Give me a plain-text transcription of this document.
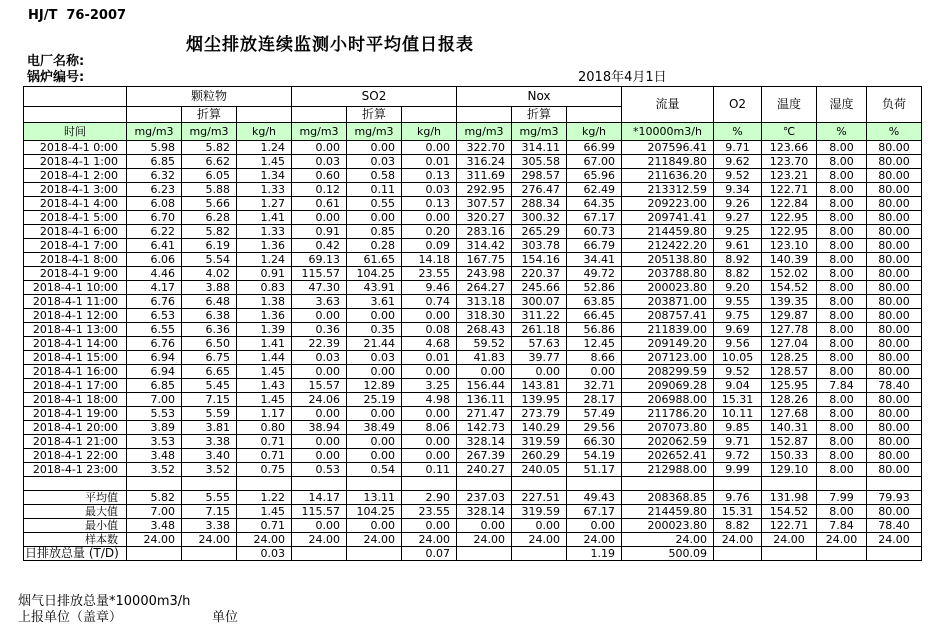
HJ/T  76-2007
烟尘排放连续监测小时平均值日报表
电厂名称:
锅炉编号:	2018年4月1日
	颗粒物			SO2			Nox			流量	O2	温度	湿度	负荷
		折算			折算			折算						
时间	mg/m3	mg/m3	kg/h	mg/m3	mg/m3	kg/h	mg/m3	mg/m3	kg/h	*10000m3/h	%	℃	%	%
2018-4-1 0:00	5.98	5.82	1.24	0.00	0.00	0.00	322.70	314.11	66.99	207596.41	9.71	123.66	8.00	80.00
2018-4-1 1:00	6.85	6.62	1.45	0.03	0.03	0.01	316.24	305.58	67.00	211849.80	9.62	123.70	8.00	80.00
2018-4-1 2:00	6.32	6.05	1.34	0.60	0.58	0.13	311.69	298.57	65.96	211636.20	9.52	123.21	8.00	80.00
2018-4-1 3:00	6.23	5.88	1.33	0.12	0.11	0.03	292.95	276.47	62.49	213312.59	9.34	122.71	8.00	80.00
2018-4-1 4:00	6.08	5.66	1.27	0.61	0.55	0.13	307.57	288.34	64.35	209223.00	9.26	122.84	8.00	80.00
2018-4-1 5:00	6.70	6.28	1.41	0.00	0.00	0.00	320.27	300.32	67.17	209741.41	9.27	122.95	8.00	80.00
2018-4-1 6:00	6.22	5.82	1.33	0.91	0.85	0.20	283.16	265.29	60.73	214459.80	9.25	122.95	8.00	80.00
2018-4-1 7:00	6.41	6.19	1.36	0.42	0.28	0.09	314.42	303.78	66.79	212422.20	9.61	123.10	8.00	80.00
2018-4-1 8:00	6.06	5.54	1.24	69.13	61.65	14.18	167.75	154.16	34.41	205138.80	8.92	140.39	8.00	80.00
2018-4-1 9:00	4.46	4.02	0.91	115.57	104.25	23.55	243.98	220.37	49.72	203788.80	8.82	152.02	8.00	80.00
2018-4-1 10:00	4.17	3.88	0.83	47.30	43.91	9.46	264.27	245.66	52.86	200023.80	9.20	154.52	8.00	80.00
2018-4-1 11:00	6.76	6.48	1.38	3.63	3.61	0.74	313.18	300.07	63.85	203871.00	9.55	139.35	8.00	80.00
2018-4-1 12:00	6.53	6.38	1.36	0.00	0.00	0.00	318.30	311.22	66.45	208757.41	9.75	129.87	8.00	80.00
2018-4-1 13:00	6.55	6.36	1.39	0.36	0.35	0.08	268.43	261.18	56.86	211839.00	9.69	127.78	8.00	80.00
2018-4-1 14:00	6.76	6.50	1.41	22.39	21.44	4.68	59.52	57.63	12.45	209149.20	9.56	127.04	8.00	80.00
2018-4-1 15:00	6.94	6.75	1.44	0.03	0.03	0.01	41.83	39.77	8.66	207123.00	10.05	128.25	8.00	80.00
2018-4-1 16:00	6.94	6.65	1.45	0.00	0.00	0.00	0.00	0.00	0.00	208299.59	9.52	128.57	8.00	80.00
2018-4-1 17:00	6.85	5.45	1.43	15.57	12.89	3.25	156.44	143.81	32.71	209069.28	9.04	125.95	7.84	78.40
2018-4-1 18:00	7.00	7.15	1.45	24.06	25.19	4.98	136.11	139.95	28.17	206988.00	15.31	128.26	8.00	80.00
2018-4-1 19:00	5.53	5.59	1.17	0.00	0.00	0.00	271.47	273.79	57.49	211786.20	10.11	127.68	8.00	80.00
2018-4-1 20:00	3.89	3.81	0.80	38.94	38.49	8.06	142.73	140.29	29.56	207073.80	9.85	140.31	8.00	80.00
2018-4-1 21:00	3.53	3.38	0.71	0.00	0.00	0.00	328.14	319.59	66.30	202062.59	9.71	152.87	8.00	80.00
2018-4-1 22:00	3.48	3.40	0.71	0.00	0.00	0.00	267.39	260.29	54.19	202652.41	9.72	150.33	8.00	80.00
2018-4-1 23:00	3.52	3.52	0.75	0.53	0.54	0.11	240.27	240.05	51.17	212988.00	9.99	129.10	8.00	80.00

平均值	5.82	5.55	1.22	14.17	13.11	2.90	237.03	227.51	49.43	208368.85	9.76	131.98	7.99	79.93
最大值	7.00	7.15	1.45	115.57	104.25	23.55	328.14	319.59	67.17	214459.80	15.31	154.52	8.00	80.00
最小值	3.48	3.38	0.71	0.00	0.00	0.00	0.00	0.00	0.00	200023.80	8.82	122.71	7.84	78.40
样本数	24.00	24.00	24.00	24.00	24.00	24.00	24.00	24.00	24.00	24.00	24.00	24.00	24.00	24.00
日排放总量 (T/D)			0.03			0.07			1.19	500.09				
烟气日排放总量*10000m3/h
上报单位（盖章）	单位
